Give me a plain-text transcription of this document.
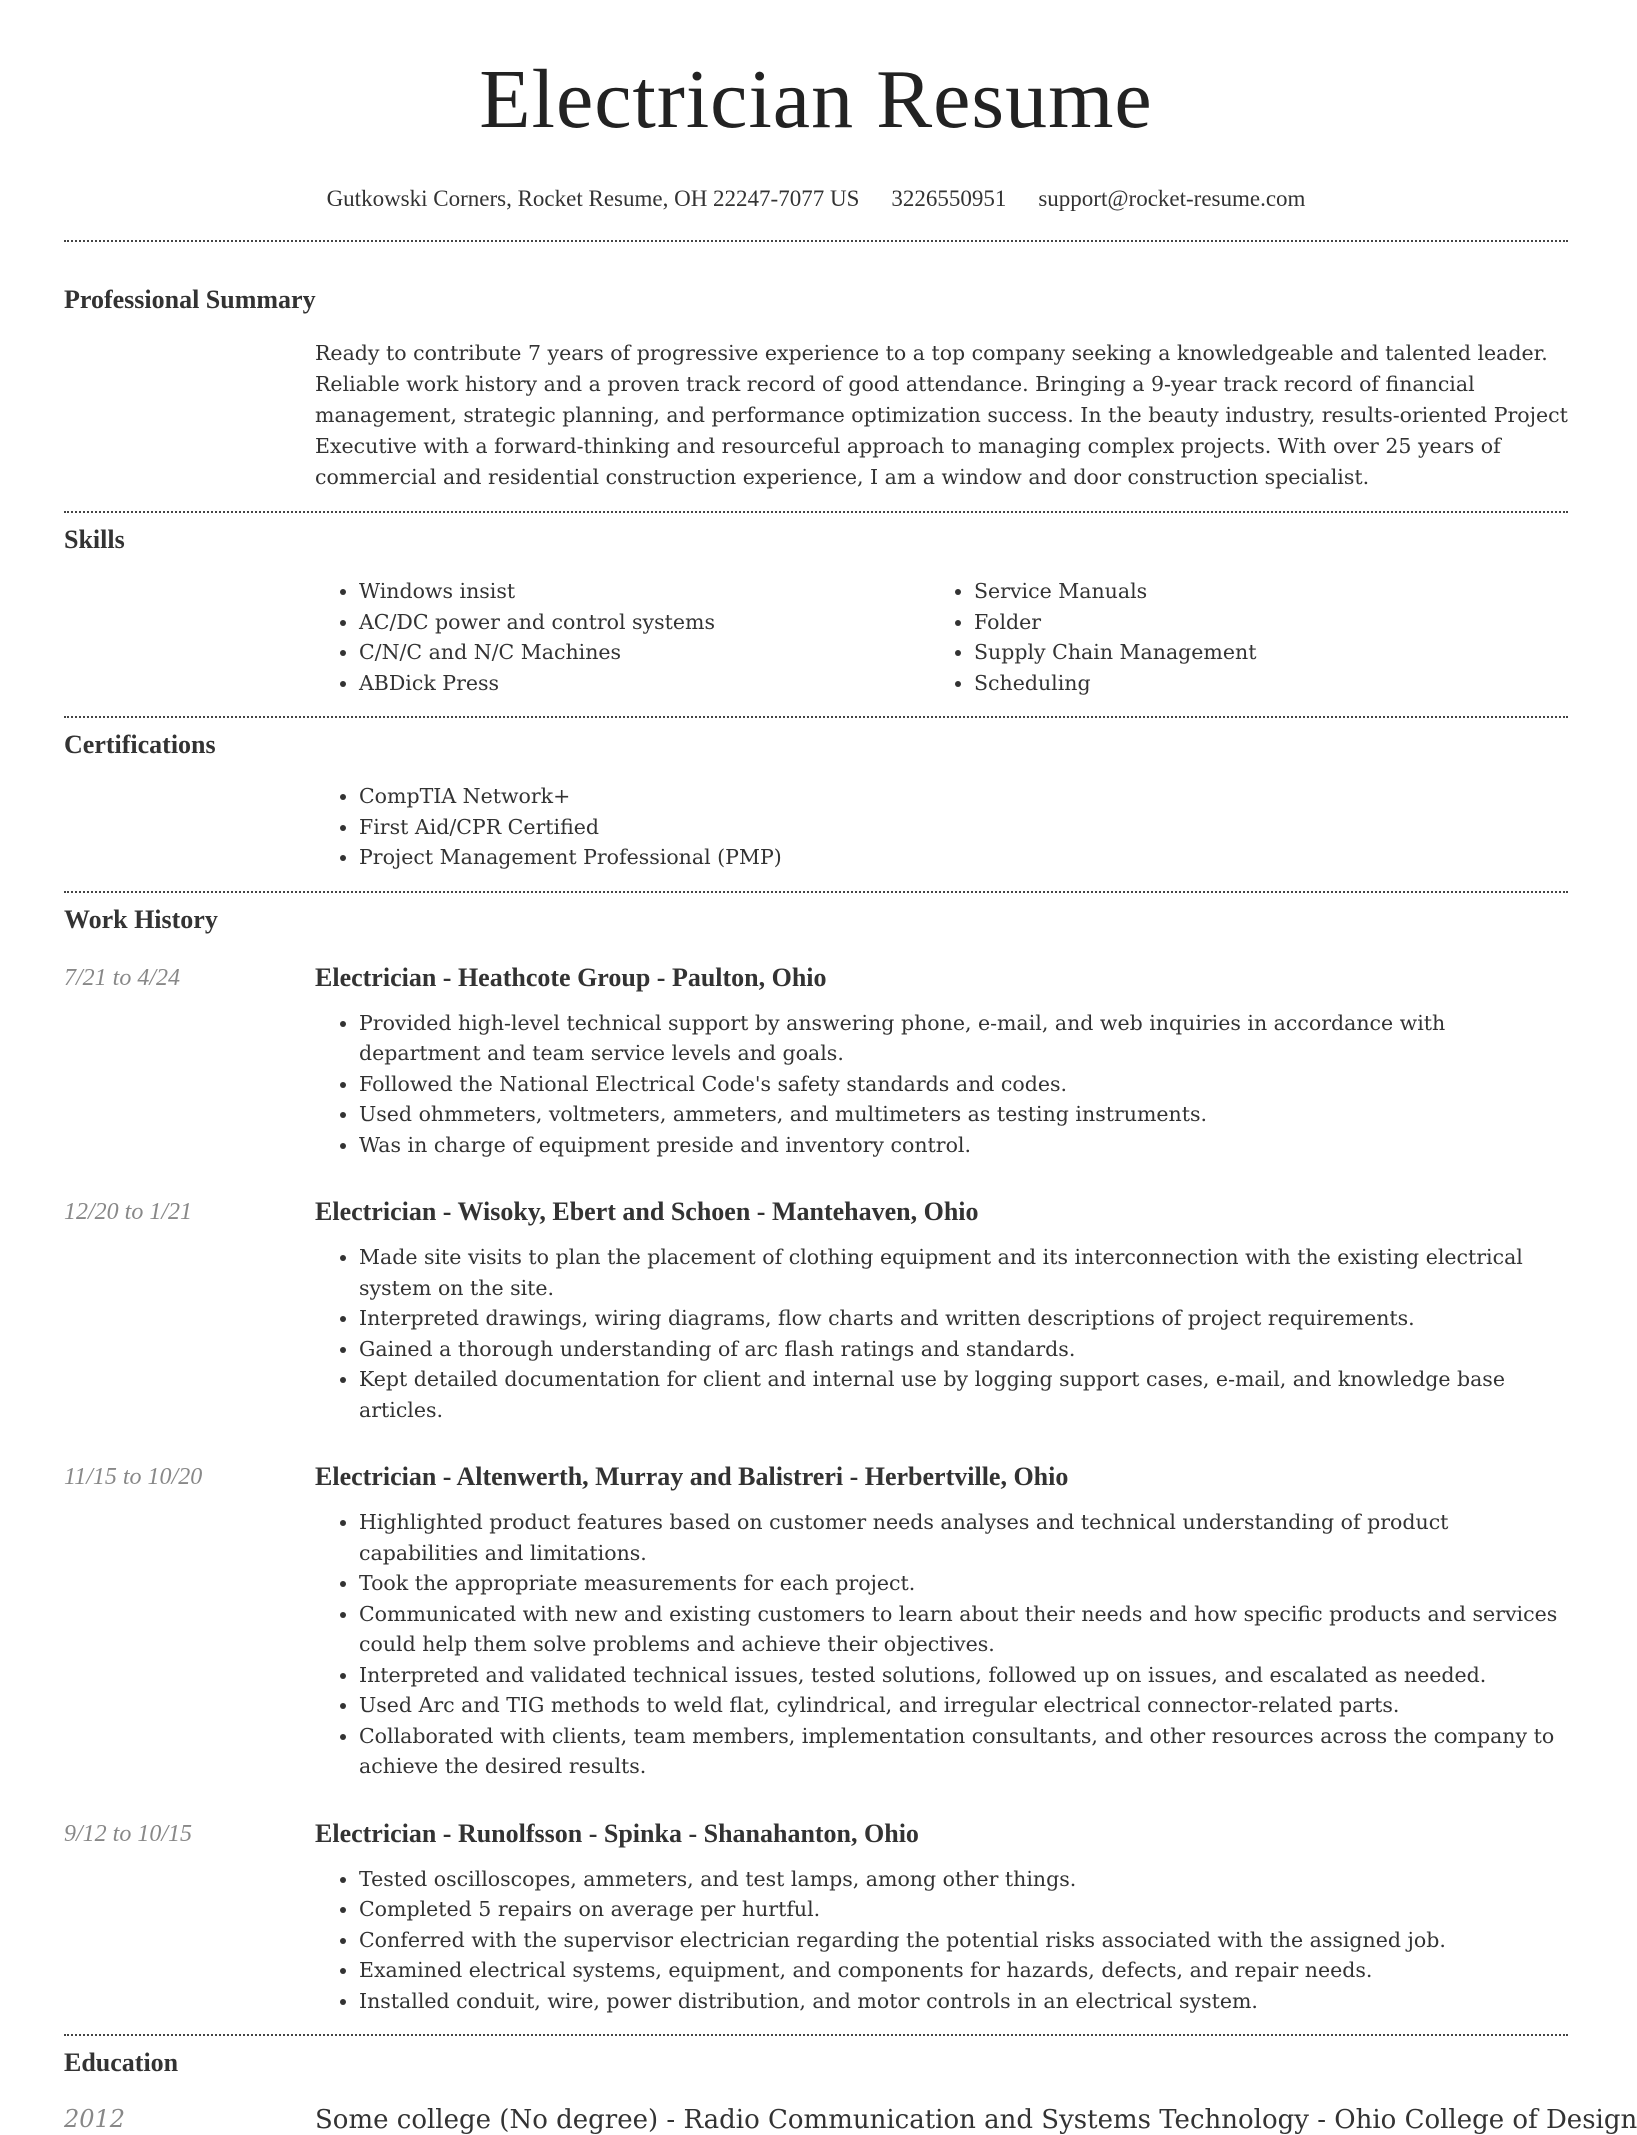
Electrician Resume
Gutkowski Corners, Rocket Resume, OH 22247-7077 US 3226550951 support@rocket-resume.com
Professional Summary

Ready to contribute 7 years of progressive experience to a top company seeking a knowledgeable and talented leader. Reliable work history and a proven track record of good attendance. Bringing a 9-year track record of financial management, strategic planning, and performance optimization success. In the beauty industry, results-oriented Project Executive with a forward-thinking and resourceful approach to managing complex projects. With over 25 years of commercial and residential construction experience, I am a window and door construction specialist.

Skills
• Windows insist
• AC/DC power and control systems
• C/N/C and N/C Machines
• ABDick Press
• Service Manuals
• Folder
• Supply Chain Management
• Scheduling
Certifications
• CompTIA Network+
• First Aid/CPR Certified
• Project Management Professional (PMP)
Work History
7/21 to 4/24	Electrician - Heathcote Group - Paulton, Ohio
• Provided high-level technical support by answering phone, e-mail, and web inquiries in accordance with department and team service levels and goals.
• Followed the National Electrical Code's safety standards and codes.
• Used ohmmeters, voltmeters, ammeters, and multimeters as testing instruments.
• Was in charge of equipment preside and inventory control.
12/20 to 1/21	Electrician - Wisoky, Ebert and Schoen - Mantehaven, Ohio
• Made site visits to plan the placement of clothing equipment and its interconnection with the existing electrical system on the site.
• Interpreted drawings, wiring diagrams, flow charts and written descriptions of project requirements.
• Gained a thorough understanding of arc flash ratings and standards.
• Kept detailed documentation for client and internal use by logging support cases, e-mail, and knowledge base articles.
11/15 to 10/20	Electrician - Altenwerth, Murray and Balistreri - Herbertville, Ohio
• Highlighted product features based on customer needs analyses and technical understanding of product capabilities and limitations.
• Took the appropriate measurements for each project.
• Communicated with new and existing customers to learn about their needs and how specific products and services could help them solve problems and achieve their objectives.
• Interpreted and validated technical issues, tested solutions, followed up on issues, and escalated as needed.
• Used Arc and TIG methods to weld flat, cylindrical, and irregular electrical connector-related parts.
• Collaborated with clients, team members, implementation consultants, and other resources across the company to achieve the desired results.
9/12 to 10/15	Electrician - Runolfsson - Spinka - Shanahanton, Ohio
• Tested oscilloscopes, ammeters, and test lamps, among other things.
• Completed 5 repairs on average per hurtful.
• Conferred with the supervisor electrician regarding the potential risks associated with the assigned job.
• Examined electrical systems, equipment, and components for hazards, defects, and repair needs.
• Installed conduit, wire, power distribution, and motor controls in an electrical system.
Education
2012	Some college (No degree) - Radio Communication and Systems Technology - Ohio College of Design
